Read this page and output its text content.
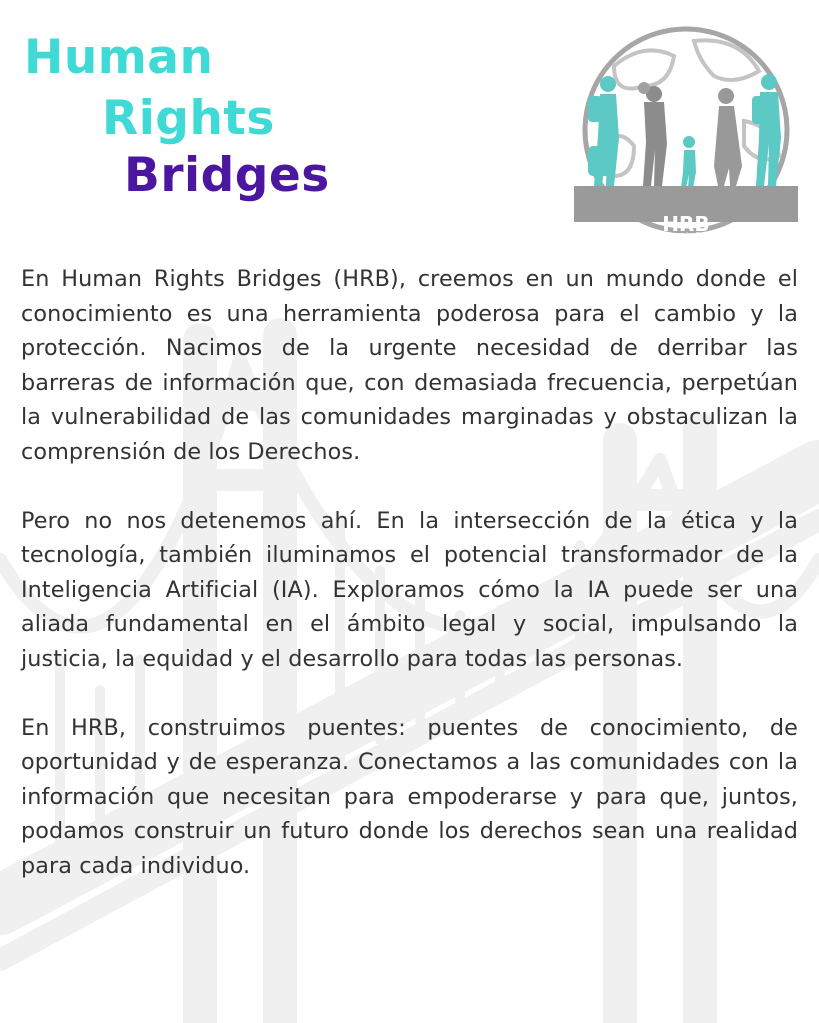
Human
Rights
Bridges
HRB
Un Puente Digital para los Derechos Humanos

En Human Rights Bridges (HRB), creemos en un mundo donde el conocimiento es una herramienta poderosa para el cambio y la protección. Nacimos de la urgente necesidad de derribar las barreras de información que, con demasiada frecuencia, perpetúan la vulnerabilidad de las comunidades marginadas y obstaculizan la comprensión de los Derechos.

Pero no nos detenemos ahí. En la intersección de la ética y la tecnología, también iluminamos el potencial transformador de la Inteligencia Artificial (IA). Exploramos cómo la IA puede ser una aliada fundamental en el ámbito legal y social, impulsando la justicia, la equidad y el desarrollo para todas las personas.

En HRB, construimos puentes: puentes de conocimiento, de oportunidad y de esperanza. Conectamos a las comunidades con la información que necesitan para empoderarse y para que, juntos, podamos construir un futuro donde los derechos sean una realidad para cada individuo.
